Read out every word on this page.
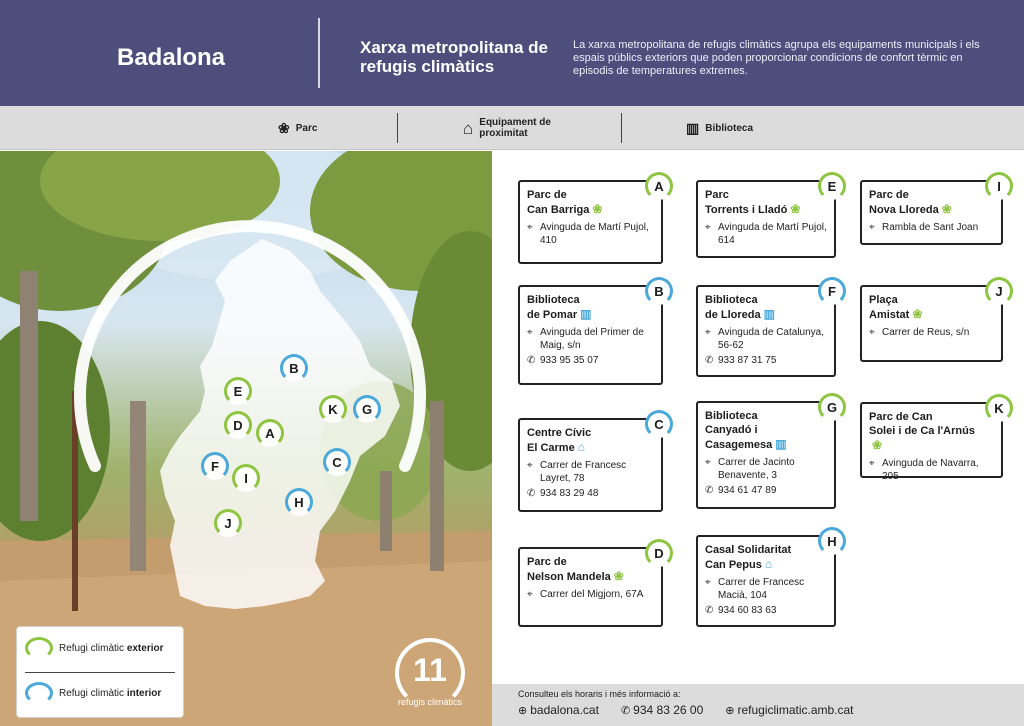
Badalona	Xarxa metropolitana de refugis climàtics
La xarxa metropolitana de refugis climàtics agrupa els equipaments municipals i els espais públics exteriors que poden proporcionar condicions de confort tèrmic en episodis de temperatures extremes.
❀ Parc	⌂ Equipament de proximitat	▥ Biblioteca
B
E
K G
D
A
C
F
I
H
J
Refugi climàtic exterior
Refugi climàtic interior
11
refugis climàtics
A
Parc de
Can Barriga ❀
⌖ Avinguda de Martí Pujol, 410
B
Biblioteca
de Pomar ▥
⌖ Avinguda del Primer de Maig, s/n
✆ 933 95 35 07
C
Centre Cívic
El Carme ⌂
⌖ Carrer de Francesc Layret, 78
✆ 934 83 29 48
D
Parc de
Nelson Mandela ❀
⌖ Carrer del Migjorn, 67A
E
Parc
Torrents i Lladó ❀
⌖ Avinguda de Martí Pujol, 614
F
Biblioteca
de Lloreda ▥
⌖ Avinguda de Catalunya, 56-62
✆ 933 87 31 75
G
Biblioteca
Canyadó i Casagemesa ▥
⌖ Carrer de Jacinto Benavente, 3
✆ 934 61 47 89
H
Casal Solidaritat
Can Pepus ⌂
⌖ Carrer de Francesc Macià, 104
✆ 934 60 83 63
I
Parc de
Nova Lloreda ❀
⌖ Rambla de Sant Joan
J
Plaça
Amistat ❀
⌖ Carrer de Reus, s/n
K
Parc de Can
Solei i de Ca l'Arnús❀
⌖ Avinguda de Navarra, 205
Consulteu els horaris i més informació a:
⊕ badalona.cat ✆ 934 83 26 00 ⊕ refugiclimatic.amb.cat
